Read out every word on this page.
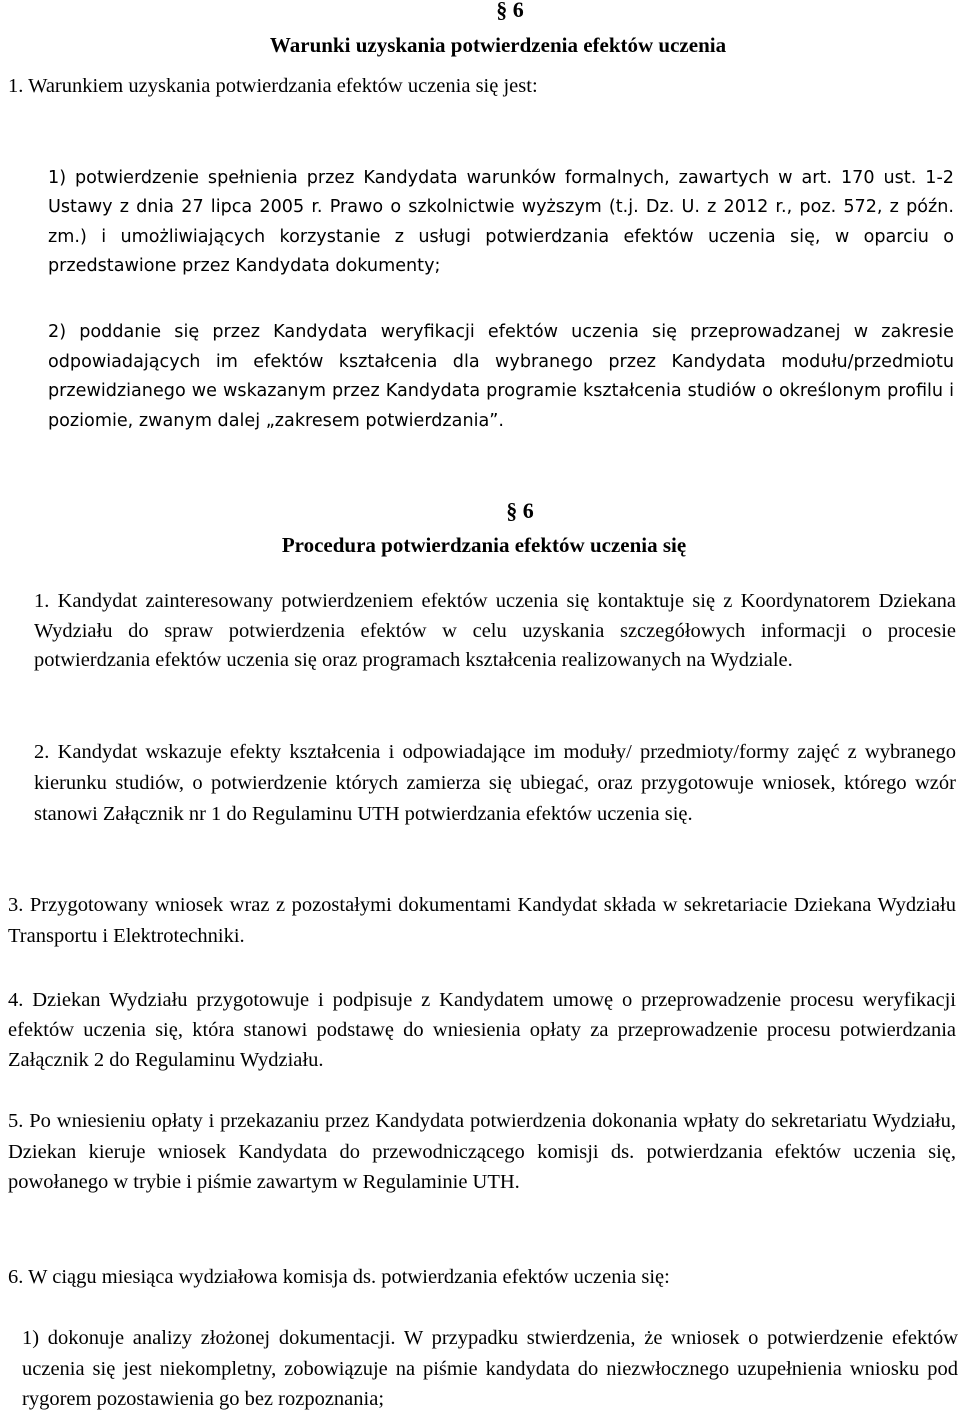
§ 6
Warunki uzyskania potwierdzenia efektów uczenia
1. Warunkiem uzyskania potwierdzania efektów uczenia się jest:
1) potwierdzenie spełnienia przez Kandydata warunków formalnych, zawartych w art. 170 ust. 1-2 Ustawy z dnia 27 lipca 2005 r. Prawo o szkolnictwie wyższym (t.j. Dz. U. z 2012 r., poz. 572, z późn. zm.) i umożliwiających korzystanie z usługi potwierdzania efektów uczenia się, w oparciu o przedstawione przez Kandydata dokumenty;
2) poddanie się przez Kandydata weryfikacji efektów uczenia się przeprowadzanej w zakresie odpowiadających im efektów kształcenia dla wybranego przez Kandydata modułu/przedmiotu przewidzianego we wskazanym przez Kandydata programie kształcenia studiów o określonym profilu i poziomie, zwanym dalej „zakresem potwierdzania”.
§ 6
Procedura potwierdzania efektów uczenia się
1. Kandydat zainteresowany potwierdzeniem efektów uczenia się kontaktuje się z Koordynatorem Dziekana Wydziału do spraw potwierdzenia efektów w celu uzyskania szczegółowych informacji o procesie potwierdzania efektów uczenia się oraz programach kształcenia realizowanych na Wydziale.
2. Kandydat wskazuje efekty kształcenia i odpowiadające im moduły/ przedmioty/formy zajęć z wybranego kierunku studiów, o potwierdzenie których zamierza się ubiegać, oraz przygotowuje wniosek, którego wzór stanowi Załącznik nr 1 do Regulaminu UTH potwierdzania efektów uczenia się.
3. Przygotowany wniosek wraz z pozostałymi dokumentami Kandydat składa w sekretariacie Dziekana Wydziału Transportu i Elektrotechniki.
4. Dziekan Wydziału przygotowuje i podpisuje z Kandydatem umowę o przeprowadzenie procesu weryfikacji efektów uczenia się, która stanowi podstawę do wniesienia opłaty za przeprowadzenie procesu potwierdzania Załącznik 2 do Regulaminu Wydziału.
5. Po wniesieniu opłaty i przekazaniu przez Kandydata potwierdzenia dokonania wpłaty do sekretariatu Wydziału, Dziekan kieruje wniosek Kandydata do przewodniczącego komisji ds. potwierdzania efektów uczenia się, powołanego w trybie i piśmie zawartym w Regulaminie UTH.
6. W ciągu miesiąca wydziałowa komisja ds. potwierdzania efektów uczenia się:
1) dokonuje analizy złożonej dokumentacji. W przypadku stwierdzenia, że wniosek o potwierdzenie efektów uczenia się jest niekompletny, zobowiązuje na piśmie kandydata do niezwłocznego uzupełnienia wniosku pod rygorem pozostawienia go bez rozpoznania;
